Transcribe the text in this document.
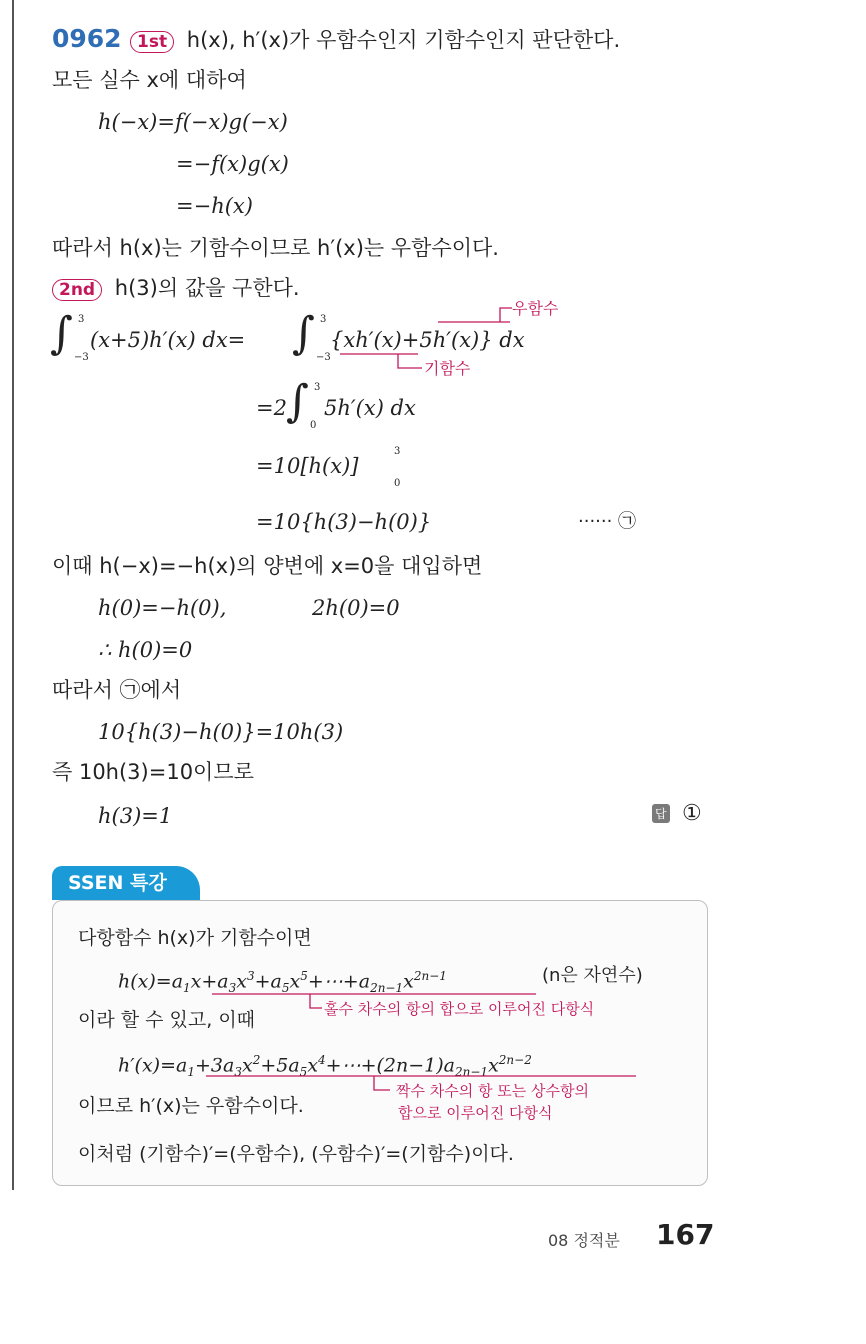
0962 1st h(x), h′(x)가 우함수인지 기함수인지 판단한다.
모든 실수 x에 대하여
h(−x)=f(−x)g(−x)
=−f(x)g(x)
=−h(x)
따라서 h(x)는 기함수이므로 h′(x)는 우함수이다.
2nd h(3)의 값을 구한다.
우함수
∫ 3
−3
(x+5)h′(x) dx= ∫ 3
−3
{xh′(x)+5h′(x)} dx
기함수
=2 ∫ 3
0
5h′(x) dx
=10[h(x)]
3
0
=10{h(3)−h(0)}	······ ㉠
이때 h(−x)=−h(x)의 양변에 x=0을 대입하면
h(0)=−h(0),	2h(0)=0
∴ h(0)=0
따라서 ㉠에서
10{h(3)−h(0)}=10h(3)
즉 10h(3)=10이므로
h(3)=1	답 ①
SSEN 특강
다항함수 h(x)가 기함수이면
$h(x)=a_1x+a_3x^3+a_5x^5+\cdots+a_{2n-1}x^{2n-1}$	(n은 자연수)
이라 할 수 있고, 이때	홀수 차수의 항의 합으로 이루어진 다항식
$h'(x)=a_1+3a_3x^2+5a_5x^4+\cdots+(2n-1)a_{2n-1}x^{2n-2}$
이므로 h′(x)는 우함수이다.
짝수 차수의 항 또는 상수항의
합으로 이루어진 다항식
이처럼 (기함수)′=(우함수), (우함수)′=(기함수)이다.
08 정적분 167
